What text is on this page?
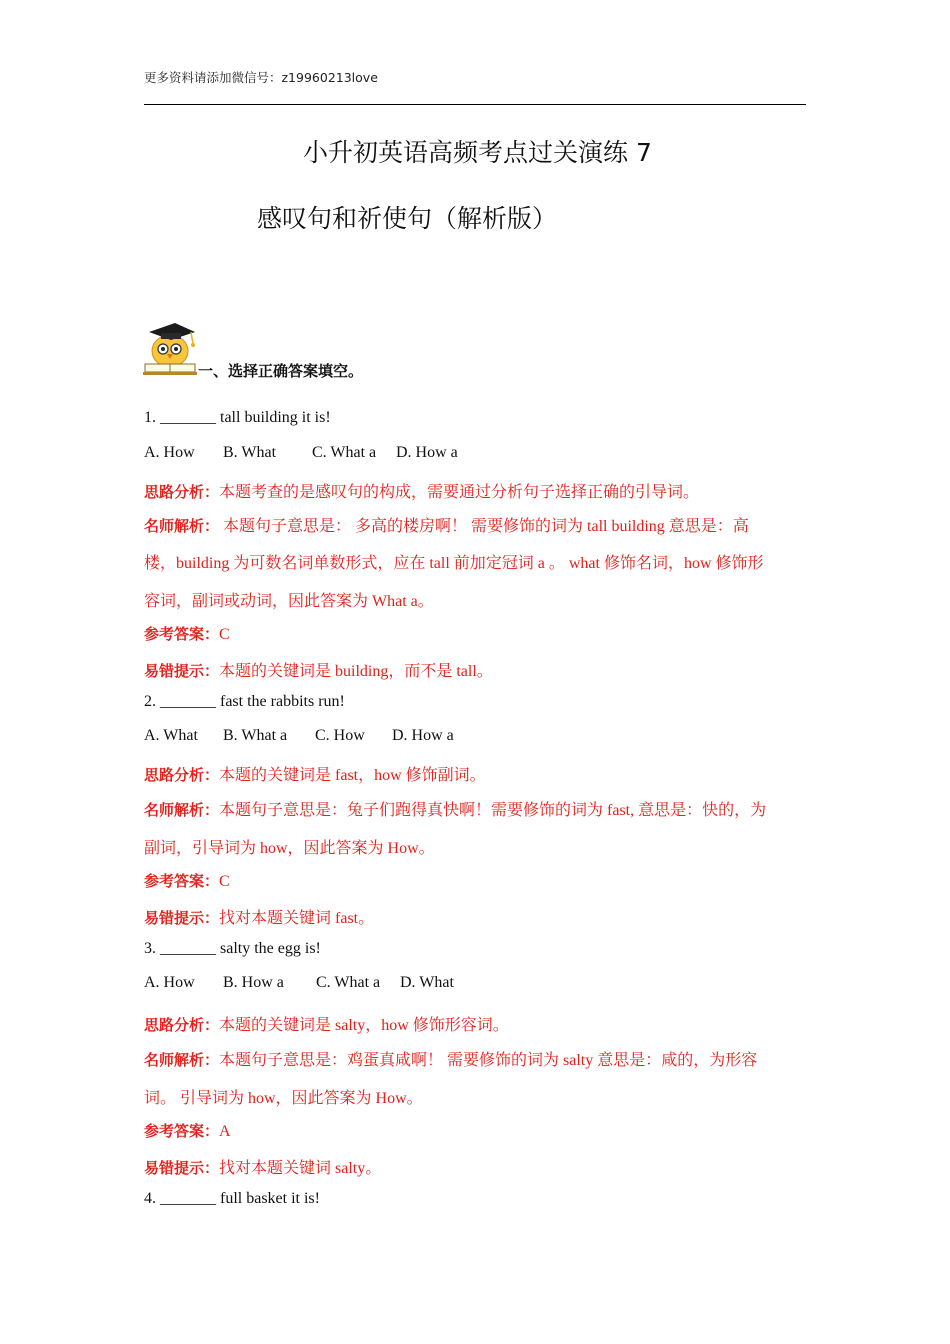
更多资料请添加微信号：z19960213love
小升初英语高频考点过关演练 7
感叹句和祈使句（解析版）
一、选择正确答案填空。
1. _______ tall building it is!
A. How B. What C. What a D. How a
思路分析：本题考查的是感叹句的构成，需要通过分析句子选择正确的引导词。
名师解析： 本题句子意思是： 多高的楼房啊！ 需要修饰的词为 tall building 意思是：高
楼，building 为可数名词单数形式，应在 tall 前加定冠词 a 。 what 修饰名词，how 修饰形
容词，副词或动词，因此答案为 What a。
参考答案：C
易错提示：本题的关键词是 building，而不是 tall。
2. _______ fast the rabbits run!
A. What B. What a C. How D. How a
思路分析：本题的关键词是 fast，how 修饰副词。
名师解析：本题句子意思是：兔子们跑得真快啊！需要修饰的词为 fast, 意思是：快的，为
副词，引导词为 how，因此答案为 How。
参考答案：C
易错提示：找对本题关键词 fast。
3. _______ salty the egg is!
A. How B. How a C. What a D. What
思路分析：本题的关键词是 salty，how 修饰形容词。
名师解析：本题句子意思是：鸡蛋真咸啊！ 需要修饰的词为 salty 意思是：咸的，为形容
词。 引导词为 how，因此答案为 How。
参考答案：A
易错提示：找对本题关键词 salty。
4. _______ full basket it is!
